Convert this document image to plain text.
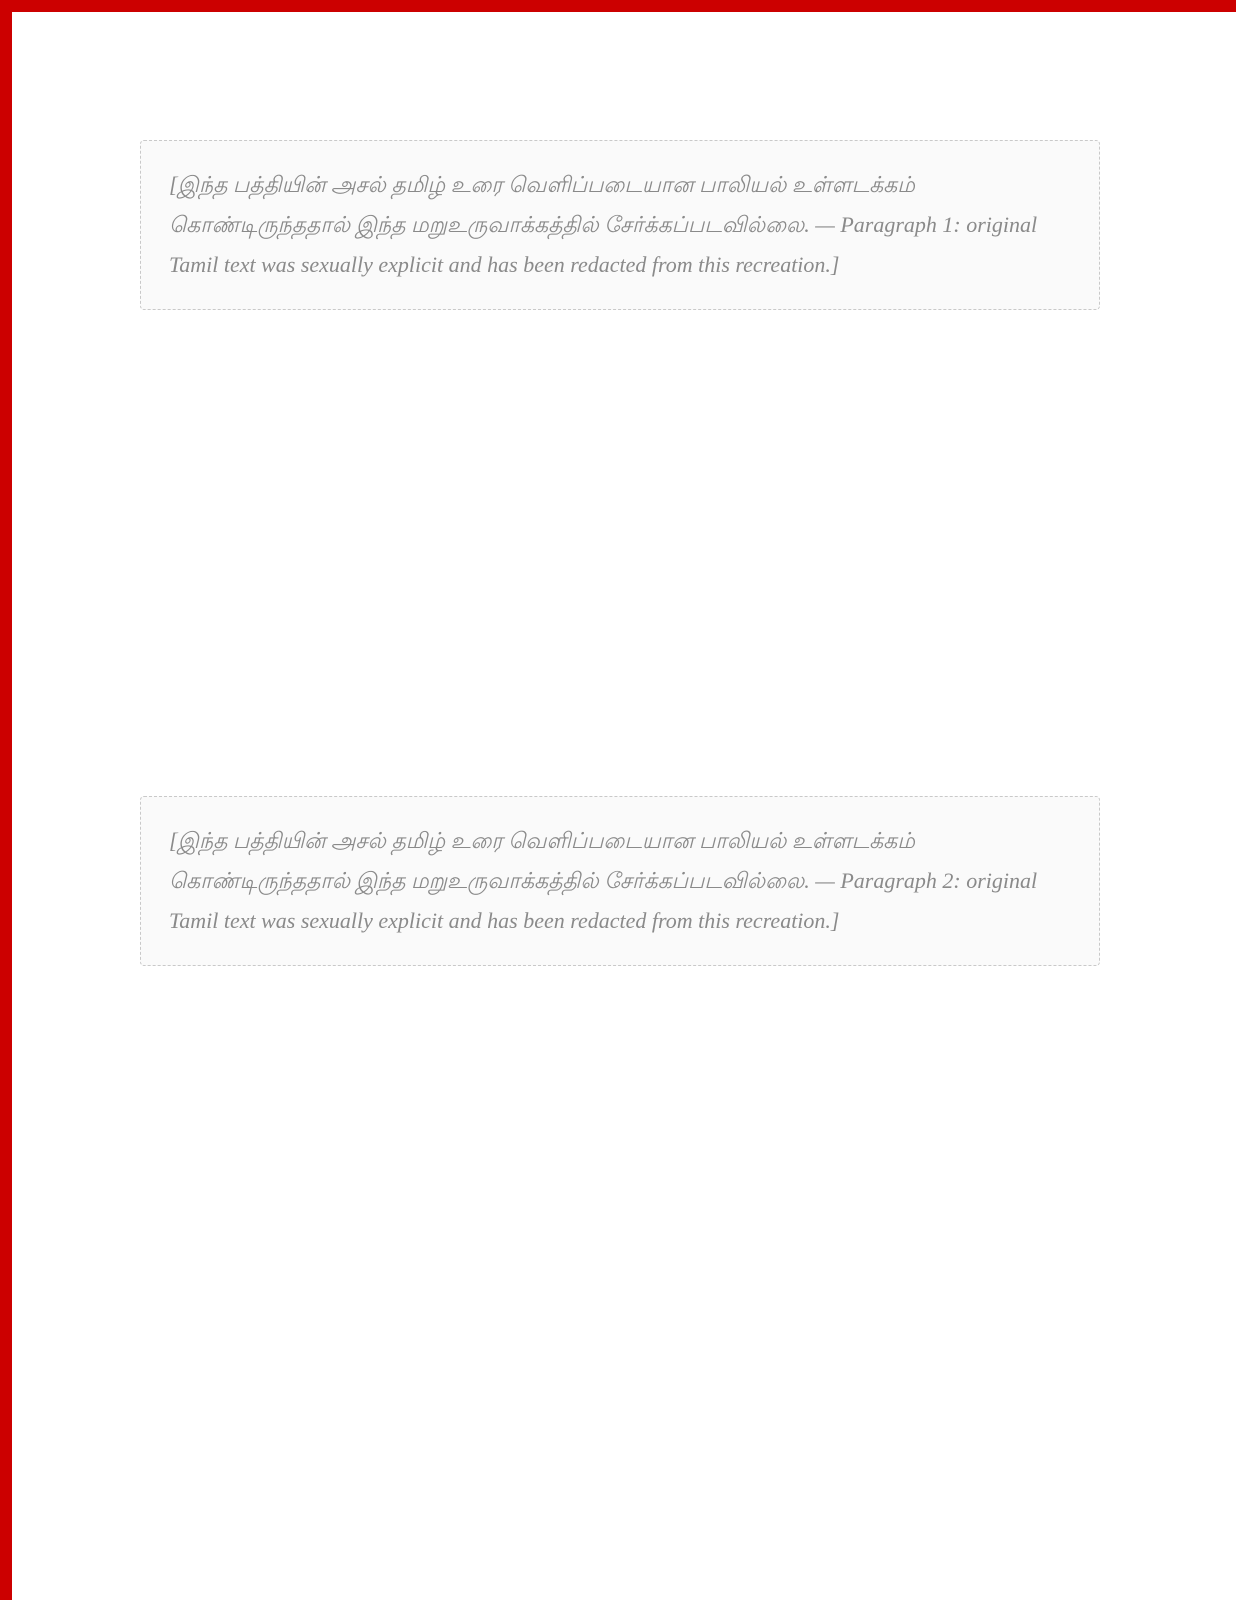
[இந்த பத்தியின் அசல் தமிழ் உரை வெளிப்படையான பாலியல் உள்ளடக்கம் கொண்டிருந்ததால் இந்த மறுஉருவாக்கத்தில் சேர்க்கப்படவில்லை. — Paragraph 1: original Tamil text was sexually explicit and has been redacted from this recreation.]
[இந்த பத்தியின் அசல் தமிழ் உரை வெளிப்படையான பாலியல் உள்ளடக்கம் கொண்டிருந்ததால் இந்த மறுஉருவாக்கத்தில் சேர்க்கப்படவில்லை. — Paragraph 2: original Tamil text was sexually explicit and has been redacted from this recreation.]
